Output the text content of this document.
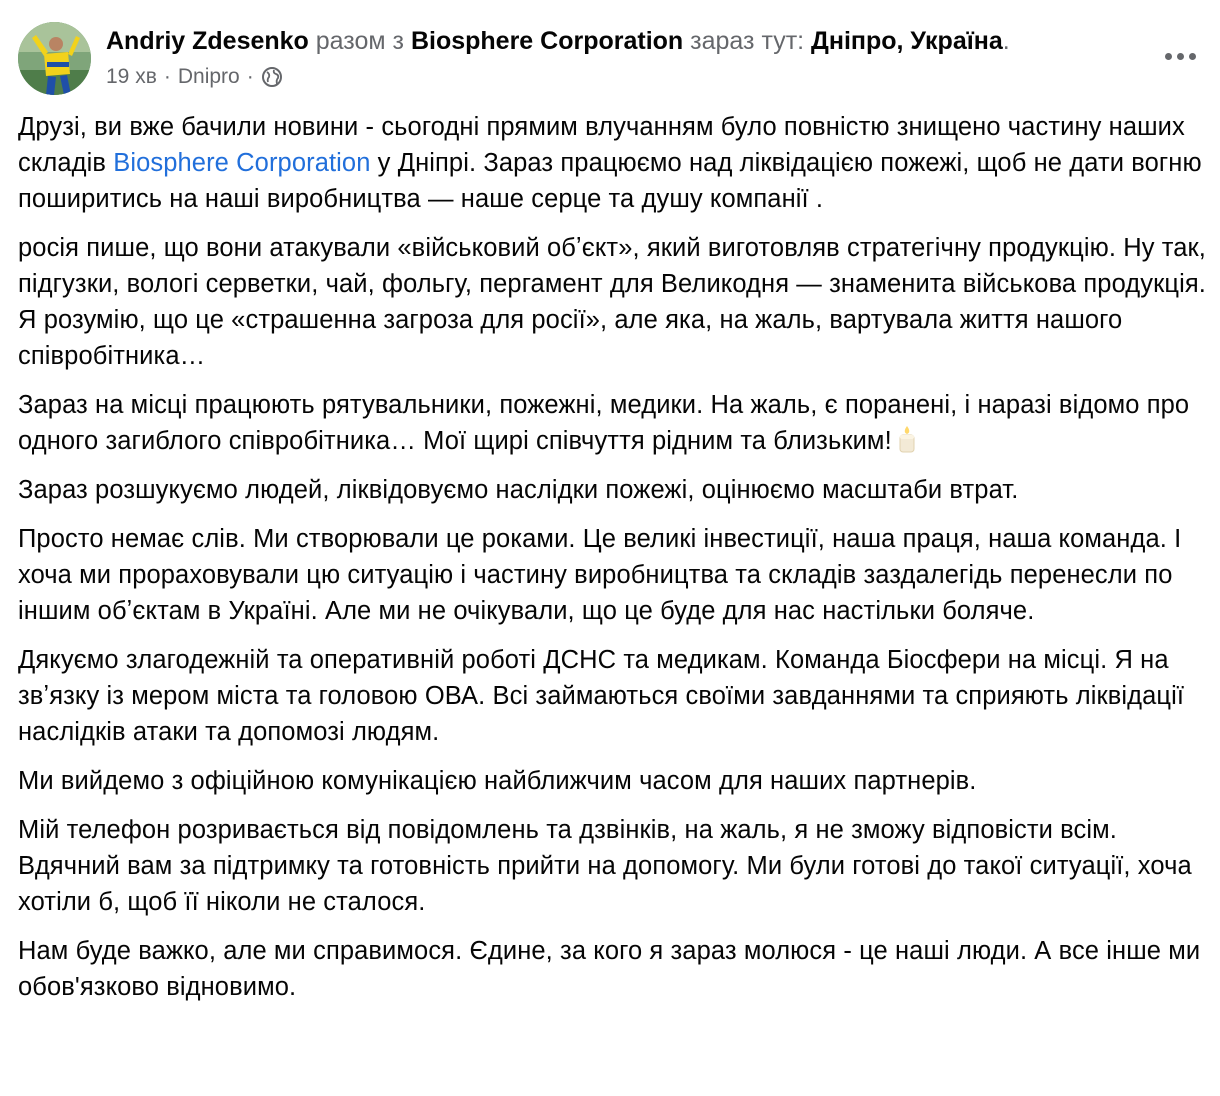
Andriy Zdesenko разом з Biosphere Corporation зараз тут: Дніпро, Україна.
19 хв · Dnipro ·

Друзі, ви вже бачили новини - сьогодні прямим влучанням було повністю знищено частину наших складів Biosphere Corporation у Дніпрі. Зараз працюємо над ліквідацією пожежі, щоб не дати вогню поширитись на наші виробництва — наше серце та душу компанії .

росія пише, що вони атакували «військовий обʼєкт», який виготовляв стратегічну продукцію. Ну так, підгузки, вологі серветки, чай, фольгу, пергамент для Великодня — знаменита військова продукція. Я розумію, що це «страшенна загроза для росії», але яка, на жаль, вартувала життя нашого співробітника…

Зараз на місці працюють рятувальники, пожежні, медики. На жаль, є поранені, і наразі відомо про одного загиблого співробітника… Мої щирі співчуття рідним та близьким!

Зараз розшукуємо людей, ліквідовуємо наслідки пожежі, оцінюємо масштаби втрат.

Просто немає слів. Ми створювали це роками. Це великі інвестиції, наша праця, наша команда. І хоча ми прораховували цю ситуацію і частину виробництва та складів заздалегідь перенесли по іншим обʼєктам в Україні. Але ми не очікували, що це буде для нас настільки боляче.

Дякуємо злагодежній та оперативній роботі ДСНС та медикам. Команда Біосфери на місці. Я на звʼязку із мером міста та головою ОВА. Всі займаються своїми завданнями та сприяють ліквідації наслідків атаки та допомозі людям.

Ми вийдемо з офіційною комунікацією найближчим часом для наших партнерів.

Мій телефон розривається від повідомлень та дзвінків, на жаль, я не зможу відповісти всім. Вдячний вам за підтримку та готовність прийти на допомогу. Ми були готові до такої ситуації, хоча хотіли б, щоб її ніколи не сталося.

Нам буде важко, але ми справимося. Єдине, за кого я зараз молюся - це наші люди. А все інше ми обов'язково відновимо.
